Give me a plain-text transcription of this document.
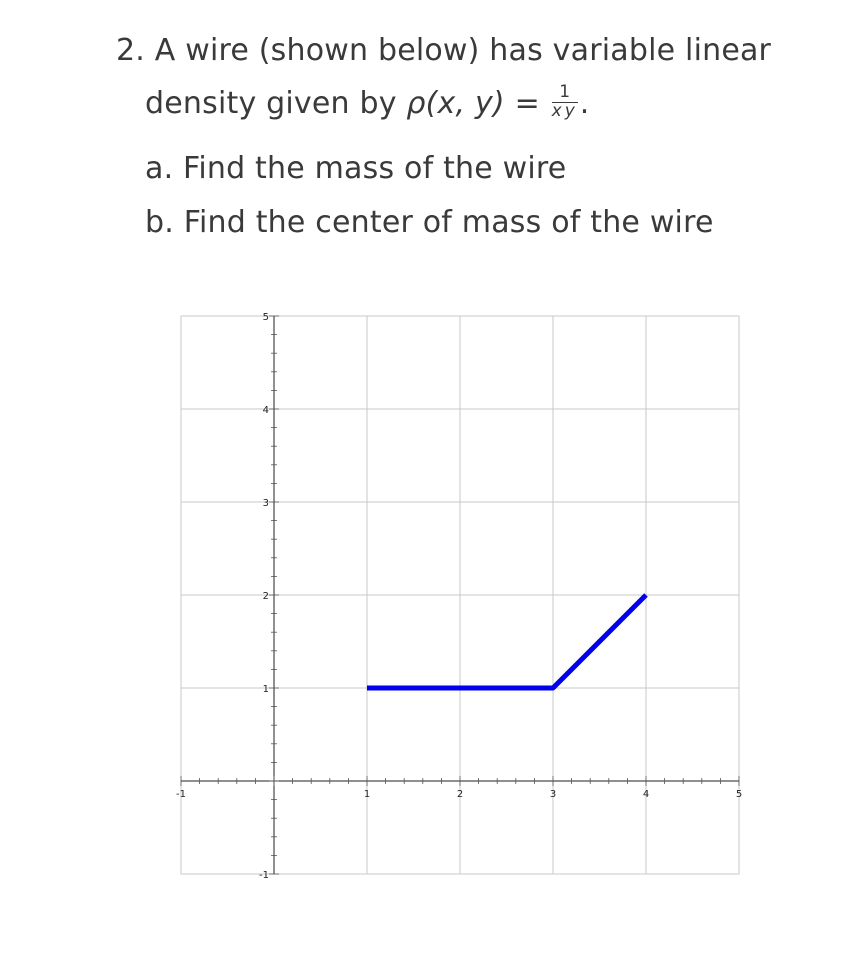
2. A wire (shown below) has variable linear
density given by ρ(x, $y) = \frac{1}{xy}$ .
a. Find the mass of the wire
b. Find the center of mass of the wire
-1	1	2	3	4	5
5
4
3
2
1
-1
